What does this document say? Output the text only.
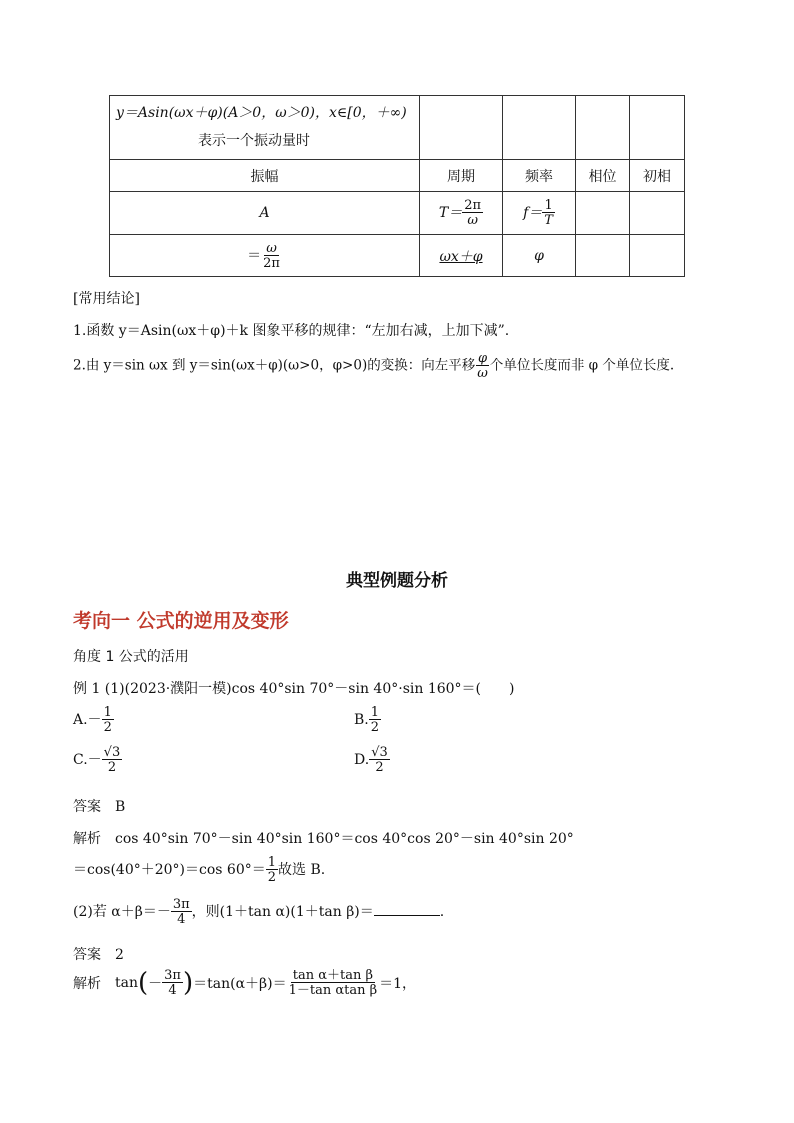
y＝Asin(ωx＋φ)(A＞0，ω＞0)，x∈[0，＋∞)
表示一个振动量时				

振幅	周期	频率	相位	初相
A	$T= \frac{2\pi}{\omega}$	$f= \frac{1}{T}$

＝ $\frac{\omega}{2\pi}$	ωx＋φ	φ		
[常用结论]
1.函数 y＝Asin(ωx＋φ)＋k 图象平移的规律：“左加右减，上加下减”.
2.由 y＝sin ωx 到 y＝sin(ωx＋φ)(ω>0，φ>0)的变换：向左平移 $\frac{\varphi}{\omega}$ 个单位长度而非 φ 个单位长度.
典型例题分析
考向一 公式的逆用及变形
角度 1 公式的活用
例 1 (1)(2023·濮阳一模)cos 40°sin 70°－sin 40°·sin 160°＝(　　)
$A.- \frac{1}{2}$	B. $\frac{1}{2}$
$C.- \frac{√3}{2}$	D. $\frac{√3}{2}$
答案 B
解析 cos 40°sin 70°－sin 40°sin 160°＝cos 40°cos 20°－sin 40°sin 20°
＝cos(40°＋20°)＝cos $60^\circ= \frac{1}{2}$ 故选 B.
(2)若 $\alpha+\beta=- \frac{3\pi}{4}$ ，则(1＋tan α)(1＋tan β)＝	.
答案 2
解析 $\tan(- \frac{3\pi}{4} )=\tan(\alpha+\beta)= \frac{\text{tan α＋tan β}}{\text{1－tan αtan β}} =1$，
